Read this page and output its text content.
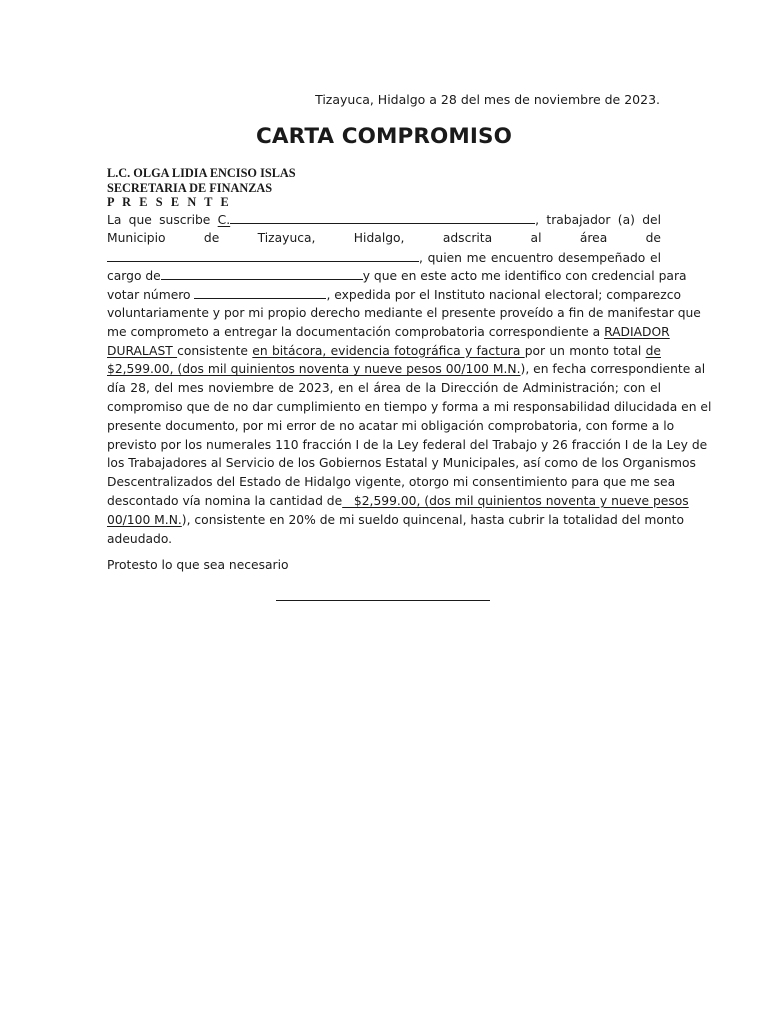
Tizayuca, Hidalgo a 28 del mes de noviembre de 2023.
CARTA COMPROMISO
L.C. OLGA LIDIA ENCISO ISLAS
SECRETARIA DE FINANZAS
P R E S E N T E
La que suscribe C.	, trabajador (a) del
Municipio de Tizayuca, Hidalgo, adscrita al área de
, quien me encuentro desempeñado el
cargo de	y que en este acto me identifico con credencial para
votar número	, expedida por el Instituto nacional electoral; comparezco
voluntariamente y por mi propio derecho mediante el presente proveído a fin de manifestar que
me comprometo a entregar la documentación comprobatoria correspondiente a RADIADOR
DURALAST consistente en bitácora, evidencia fotográfica y factura por un monto total de
$2,599.00, (dos mil quinientos noventa y nueve pesos 00/100 M.N.), en fecha correspondiente al
día 28, del mes noviembre de 2023, en el área de la Dirección de Administración; con el
compromiso que de no dar cumplimiento en tiempo y forma a mi responsabilidad dilucidada en el
presente documento, por mi error de no acatar mi obligación comprobatoria, con forme a lo
previsto por los numerales 110 fracción I de la Ley federal del Trabajo y 26 fracción I de la Ley de
los Trabajadores al Servicio de los Gobiernos Estatal y Municipales, así como de los Organismos
Descentralizados del Estado de Hidalgo vigente, otorgo mi consentimiento para que me sea
descontado vía nomina la cantidad de   $2,599.00, (dos mil quinientos noventa y nueve pesos
00/100 M.N.), consistente en 20% de mi sueldo quincenal, hasta cubrir la totalidad del monto
adeudado.
Protesto lo que sea necesario
